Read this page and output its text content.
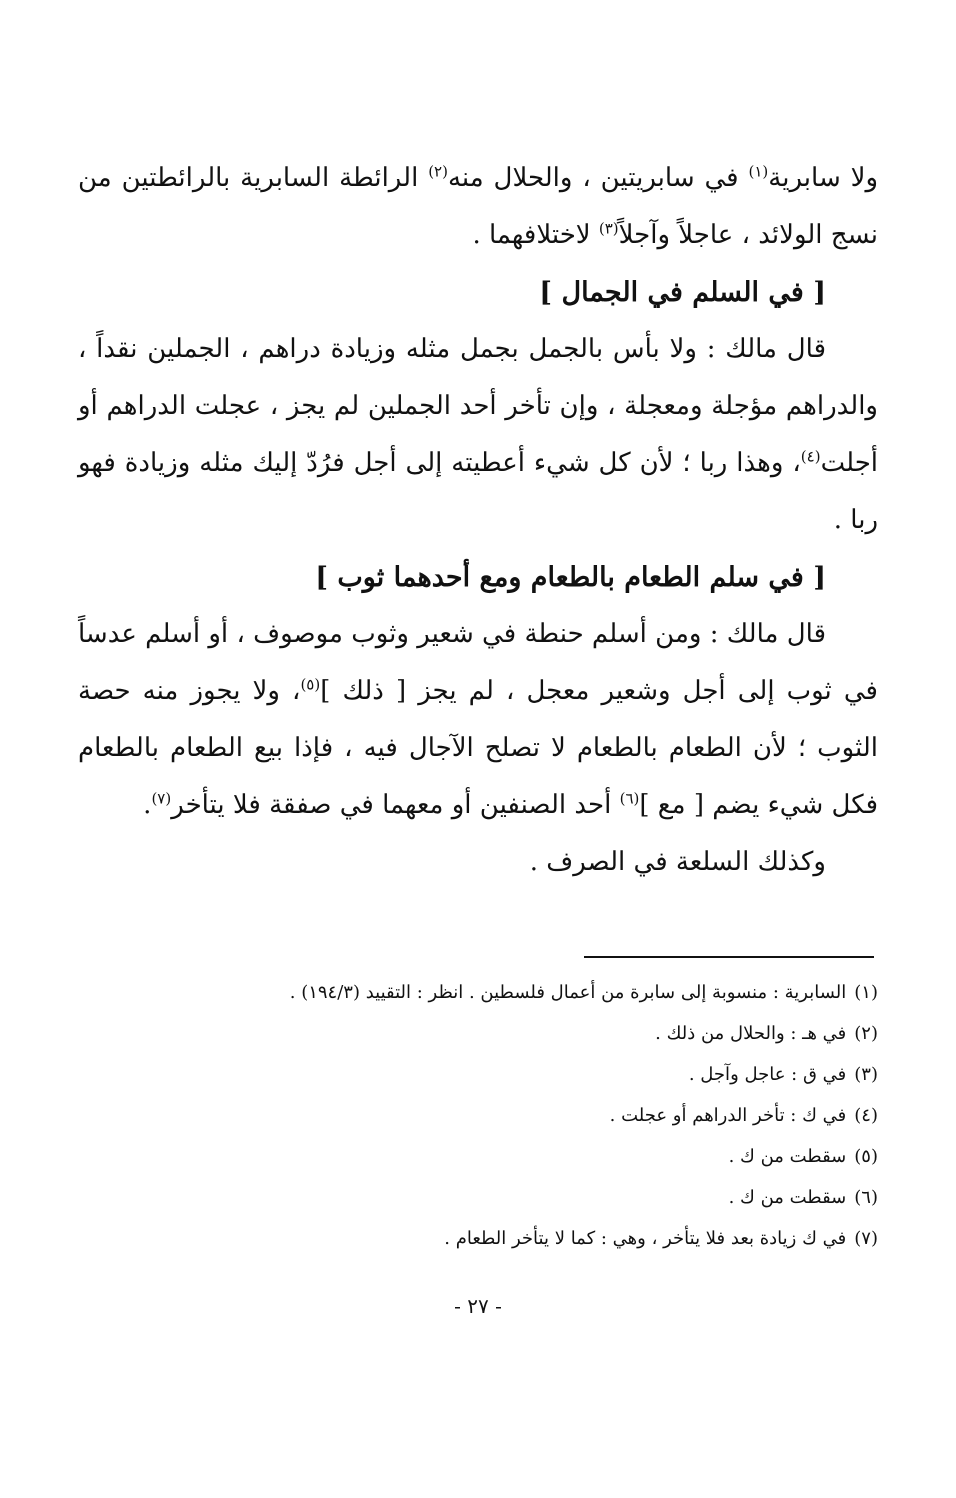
ولا سابرية$^{(١)}$ في سابريتين ، والحلال منه$^{(٢)}$ الرائطة السابرية بالرائطتين من نسج الولائد ، عاجلاً وآجلاً$^{(٣)}$ لاختلافهما .

[ في السلم في الجمال ]

قال مالك : ولا بأس بالجمل بجمل مثله وزيادة دراهم ، الجملين نقداً ، والدراهم مؤجلة ومعجلة ، وإن تأخر أحد الجملين لم يجز ، عجلت الدراهم أو أجلت$^{(٤)}$، وهذا ربا ؛ لأن كل شيء أعطيته إلى أجل فرُدّ إليك مثله وزيادة فهو ربا .

[ في سلم الطعام بالطعام ومع أحدهما ثوب ]

قال مالك : ومن أسلم حنطة في شعير وثوب موصوف ، أو أسلم عدساً في ثوب إلى أجل وشعير معجل ، لم يجز [ ذلك ]$^{(٥)}$، ولا يجوز منه حصة الثوب ؛ لأن الطعام بالطعام لا تصلح الآجال فيه ، فإذا بيع الطعام بالطعام فكل شيء يضم [ مع ]$^{(٦)}$ أحد الصنفين أو معهما في صفقة فلا يتأخر$^{(٧)}$.

وكذلك السلعة في الصرف .

(١)السابرية : منسوبة إلى سابرة من أعمال فلسطين . انظر : التقييد (١٩٤/٣) .
(٢)في هـ : والحلال من ذلك .
(٣)في ق : عاجل وآجل .
(٤)في ك : تأخر الدراهم أو عجلت .
(٥)سقطت من ك .
(٦)سقطت من ك .
(٧)في ك زيادة بعد فلا يتأخر ، وهي : كما لا يتأخر الطعام .
- ٢٧ -
